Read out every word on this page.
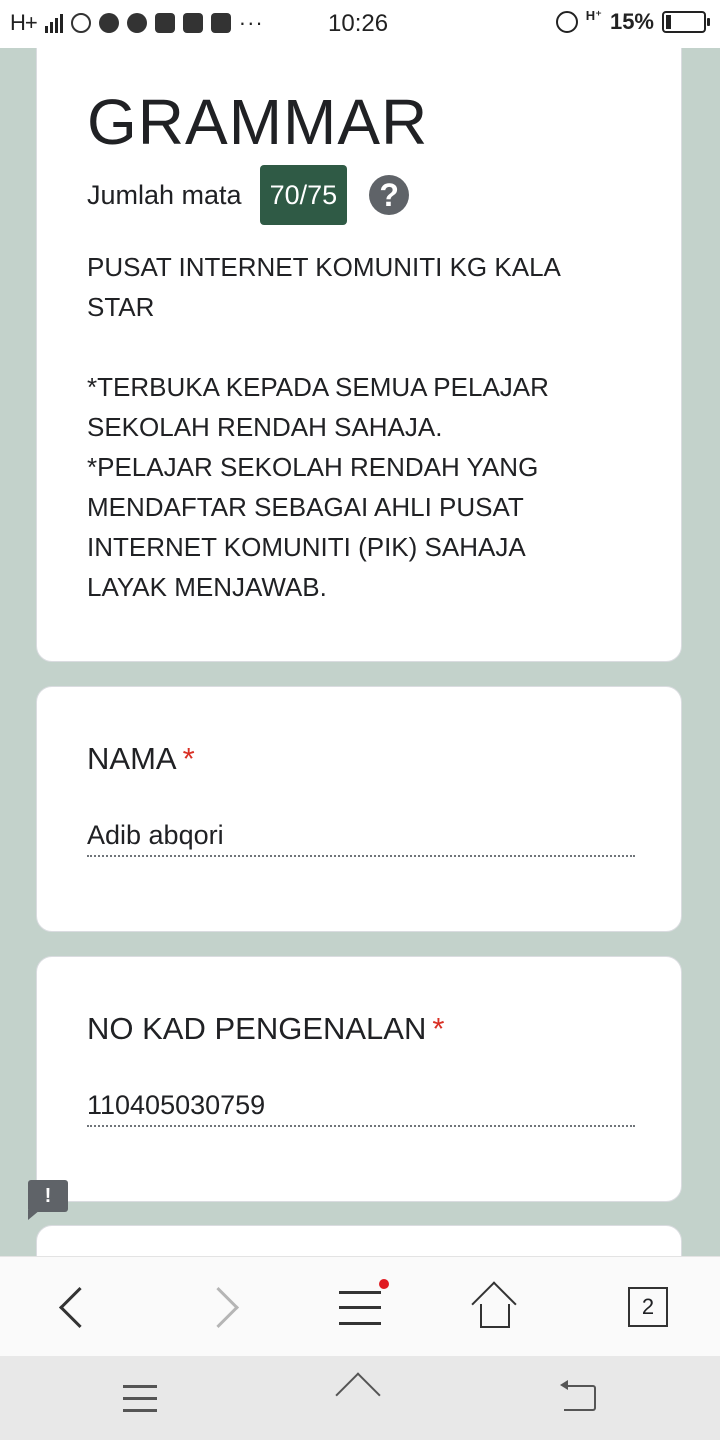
H+	···	10:26	H⁺ 15%
GRAMMAR
Jumlah mata	70/75	?

PUSAT INTERNET KOMUNITI KG KALA STAR

*TERBUKA KEPADA SEMUA PELAJAR SEKOLAH RENDAH SAHAJA.

*PELAJAR SEKOLAH RENDAH YANG MENDAFTAR SEBAGAI AHLI PUSAT INTERNET KOMUNITI (PIK) SAHAJA LAYAK MENJAWAB.

NAMA *
Adib abqori
NO KAD PENGENALAN *
110405030759
!
2
